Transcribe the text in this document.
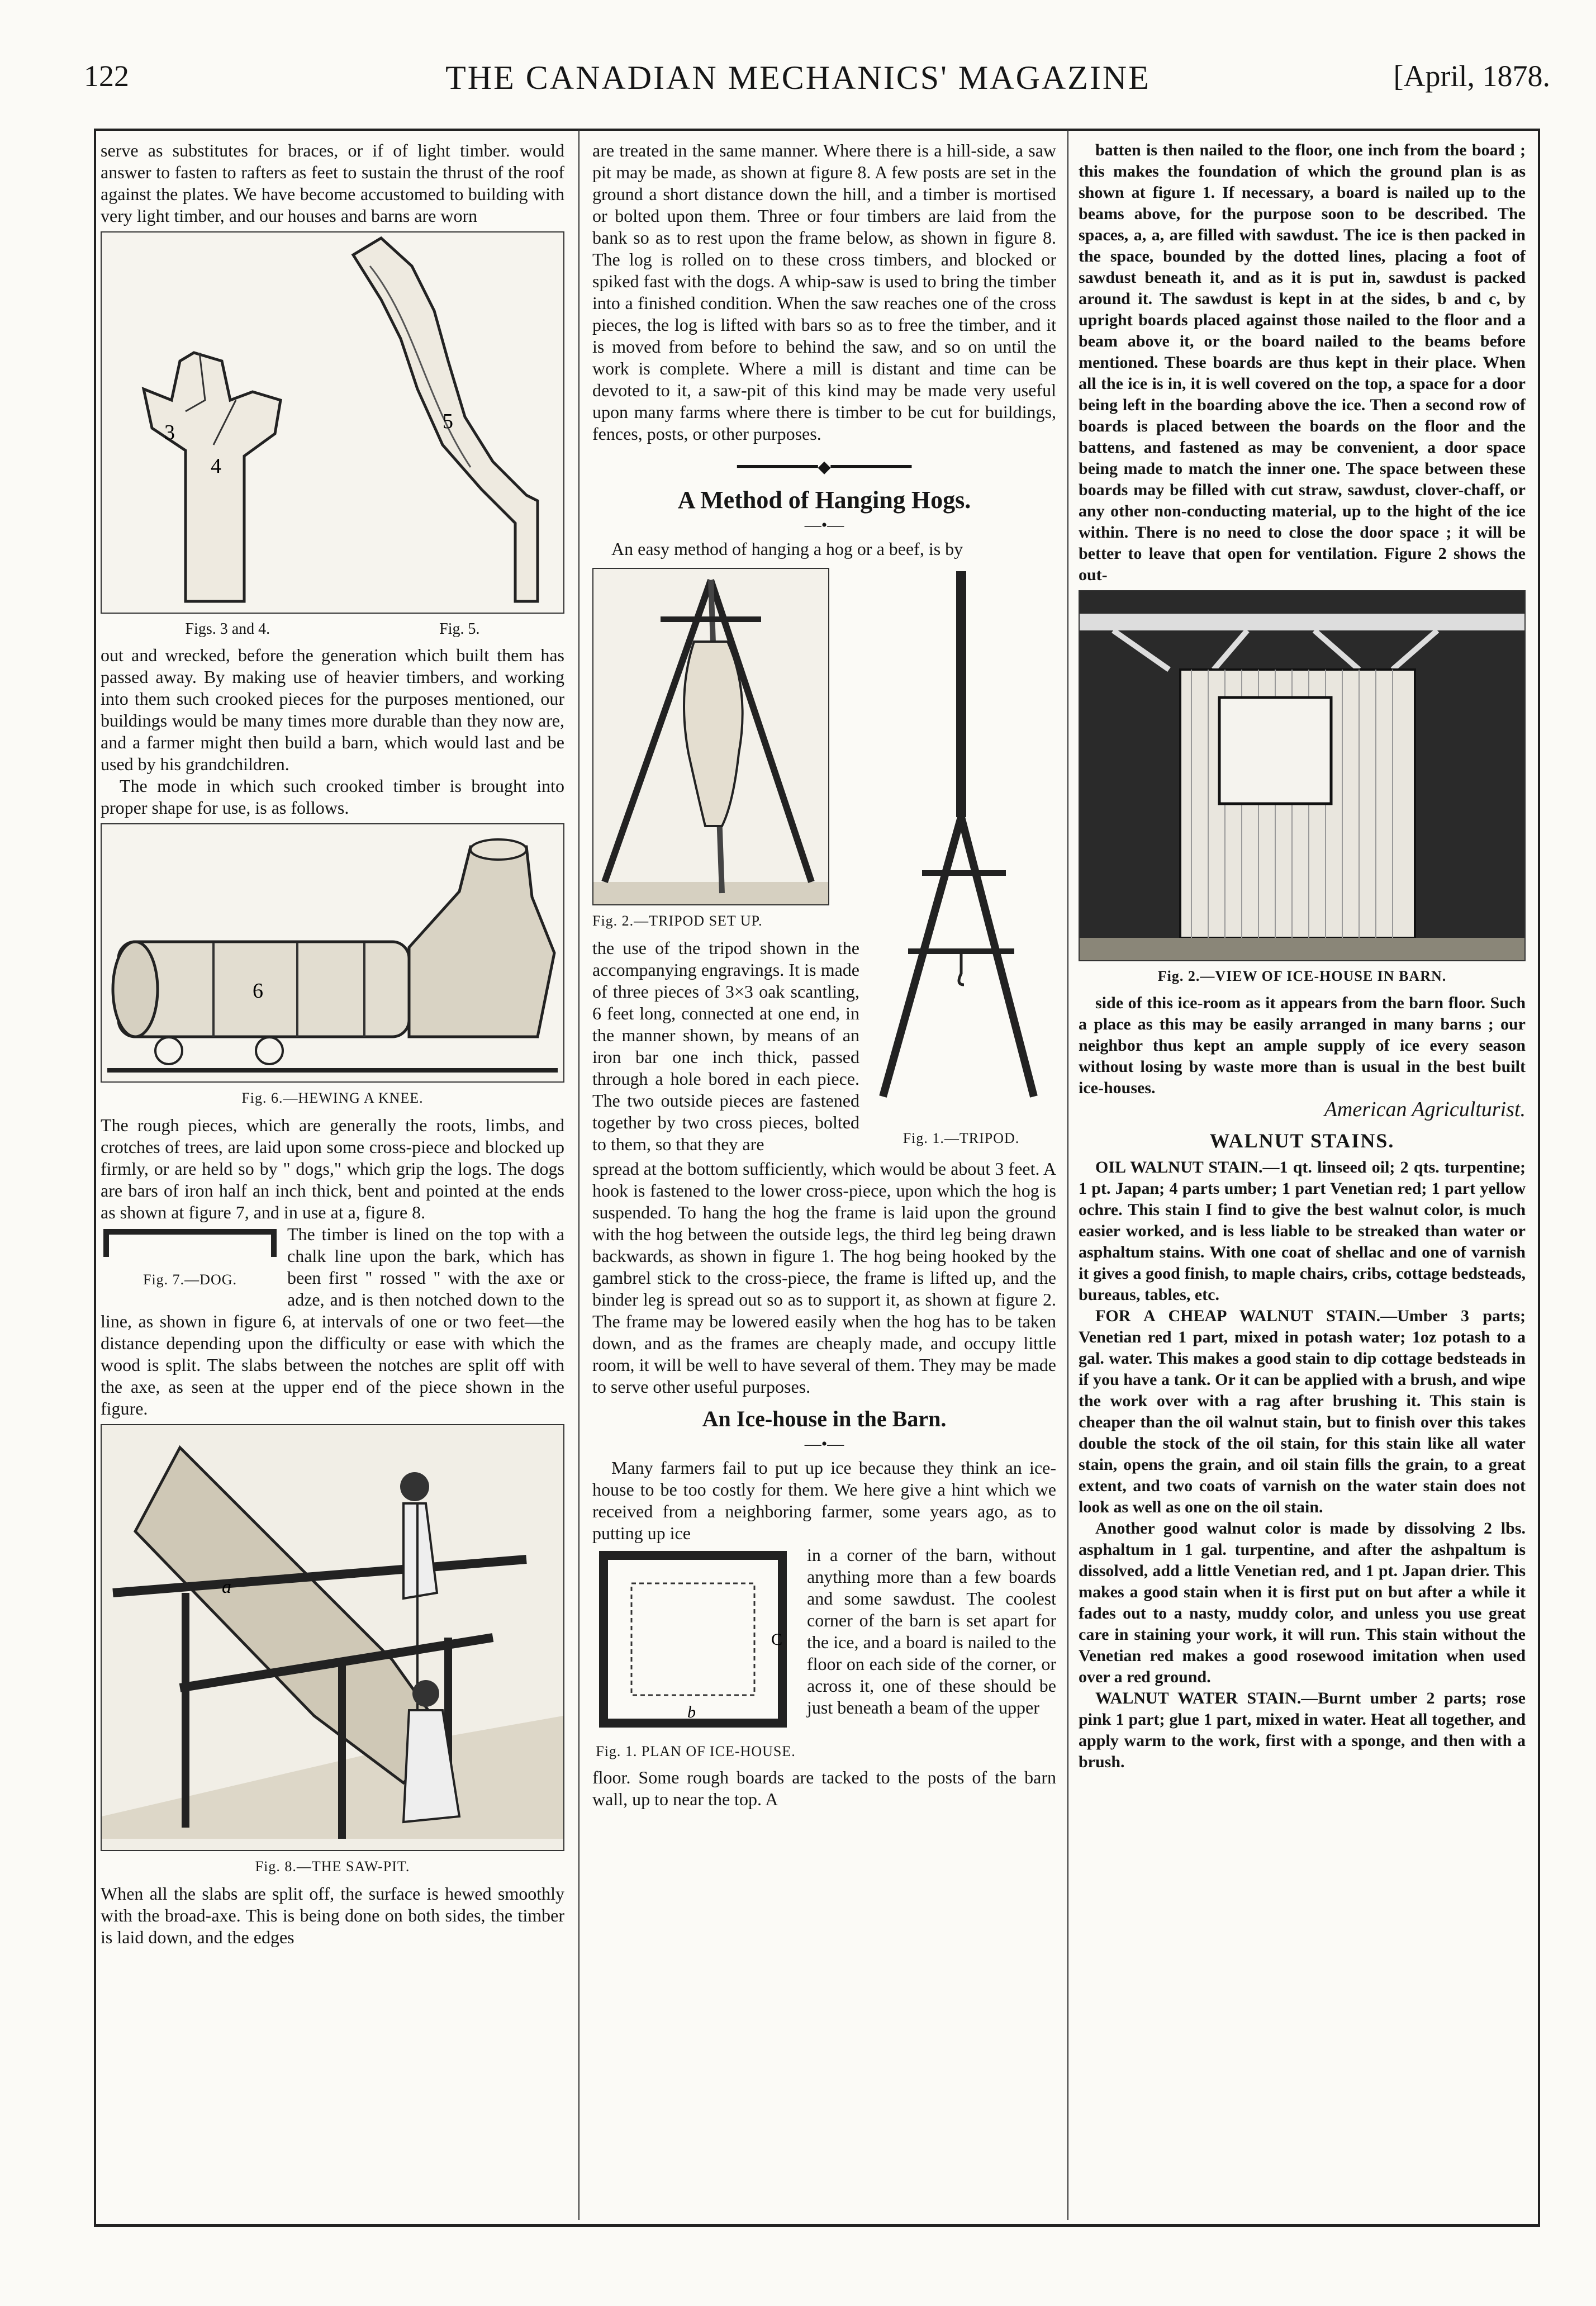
THE CANADIAN MECHANICS' MAGAZINE
122	[April, 1878.

serve as substitutes for braces, or if of light timber. would answer to fasten to rafters as feet to sustain the thrust of the roof against the plates. We have become accustomed to building with very light timber, and our houses and barns are worn

3
4
5
Figs. 3 and 4.	Fig. 5.

out and wrecked, before the generation which built them has passed away. By making use of heavier timbers, and working into them such crooked pieces for the purposes mentioned, our buildings would be many times more durable than they now are, and a farmer might then build a barn, which would last and be used by his grandchildren.

The mode in which such crooked timber is brought into proper shape for use, is as follows.

6
Fig. 6.—HEWING A KNEE.

The rough pieces, which are generally the roots, limbs, and crotches of trees, are laid upon some cross-piece and blocked up firmly, or are held so by " dogs," which grip the logs. The dogs are bars of iron half an inch thick, bent and pointed at the ends as shown at figure 7, and in use at a, figure 8.

Fig. 7.—DOG.

The timber is lined on the top with a chalk line upon the bark, which has been first " rossed " with the axe or adze, and is then notched down to the line, as shown in figure 6, at intervals of one or two feet—the distance depending upon the difficulty or ease with which the wood is split. The slabs between the notches are split off with the axe, as seen at the upper end of the piece shown in the figure.

a
Fig. 8.—THE SAW-PIT.

When all the slabs are split off, the surface is hewed smoothly with the broad-axe. This is being done on both sides, the timber is laid down, and the edges

are treated in the same manner. Where there is a hill-side, a saw pit may be made, as shown at figure 8. A few posts are set in the ground a short distance down the hill, and a timber is mortised or bolted upon them. Three or four timbers are laid from the bank so as to rest upon the frame below, as shown in figure 8. The log is rolled on to these cross timbers, and blocked or spiked fast with the dogs. A whip-saw is used to bring the timber into a finished condition. When the saw reaches one of the cross pieces, the log is lifted with bars so as to free the timber, and it is moved from before to behind the saw, and so on until the work is complete. Where a mill is distant and time can be devoted to it, a saw-pit of this kind may be made very useful upon many farms where there is timber to be cut for buildings, fences, posts, or other purposes.

━━━━━━━━◆━━━━━━━━
A Method of Hanging Hogs.
—•—

An easy method of hanging a hog or a beef, is by

Fig. 1.—TRIPOD.
Fig. 2.—TRIPOD SET UP.

the use of the tripod shown in the accompanying engravings. It is made of three pieces of 3×3 oak scantling, 6 feet long, connected at one end, in the manner shown, by means of an iron bar one inch thick, passed through a hole bored in each piece. The two outside pieces are fastened together by two cross pieces, bolted to them, so that they are

spread at the bottom sufficiently, which would be about 3 feet. A hook is fastened to the lower cross-piece, upon which the hog is suspended. To hang the hog the frame is laid upon the ground with the hog between the outside legs, the third leg being drawn backwards, as shown in figure 1. The hog being hooked by the gambrel stick to the cross-piece, the frame is lifted up, and the binder leg is spread out so as to support it, as shown at figure 2. The frame may be lowered easily when the hog has to be taken down, and as the frames are cheaply made, and occupy little room, it will be well to have several of them. They may be made to serve other useful purposes.

An Ice-house in the Barn.
—•—

Many farmers fail to put up ice because they think an ice-house to be too costly for them. We here give a hint which we received from a neighboring farmer, some years ago, as to putting up ice

C
b
Fig. 1. PLAN OF ICE-HOUSE.

in a corner of the barn, without anything more than a few boards and some sawdust. The coolest corner of the barn is set apart for the ice, and a board is nailed to the floor on each side of the corner, or across it, one of these should be just beneath a beam of the upper

floor. Some rough boards are tacked to the posts of the barn wall, up to near the top. A

batten is then nailed to the floor, one inch from the board ; this makes the foundation of which the ground plan is as shown at figure 1. If necessary, a board is nailed up to the beams above, for the purpose soon to be described. The spaces, a, a, are filled with sawdust. The ice is then packed in the space, bounded by the dotted lines, placing a foot of sawdust beneath it, and as it is put in, sawdust is packed around it. The sawdust is kept in at the sides, b and c, by upright boards placed against those nailed to the floor and a beam above it, or the board nailed to the beams before mentioned. These boards are thus kept in their place. When all the ice is in, it is well covered on the top, a space for a door being left in the boarding above the ice. Then a second row of boards is placed between the boards on the floor and the battens, and fastened as may be convenient, a door space being made to match the inner one. The space between these boards may be filled with cut straw, sawdust, clover-chaff, or any other non-conducting material, up to the hight of the ice within. There is no need to close the door space ; it will be better to leave that open for ventilation. Figure 2 shows the out-

Fig. 2.—VIEW OF ICE-HOUSE IN BARN.

side of this ice-room as it appears from the barn floor. Such a place as this may be easily arranged in many barns ; our neighbor thus kept an ample supply of ice every season without losing by waste more than is usual in the best built ice-houses.

American Agriculturist.
WALNUT STAINS.

OIL WALNUT STAIN.—1 qt. linseed oil; 2 qts. turpentine; 1 pt. Japan; 4 parts umber; 1 part Venetian red; 1 part yellow ochre. This stain I find to give the best walnut color, is much easier worked, and is less liable to be streaked than water or asphaltum stains. With one coat of shellac and one of varnish it gives a good finish, to maple chairs, cribs, cottage bedsteads, bureaus, tables, etc.

FOR A CHEAP WALNUT STAIN.—Umber 3 parts; Venetian red 1 part, mixed in potash water; 1oz potash to a gal. water. This makes a good stain to dip cottage bedsteads in if you have a tank. Or it can be applied with a brush, and wipe the work over with a rag after brushing it. This stain is cheaper than the oil walnut stain, but to finish over this takes double the stock of the oil stain, for this stain like all water stain, opens the grain, and oil stain fills the grain, to a great extent, and two coats of varnish on the water stain does not look as well as one on the oil stain.

Another good walnut color is made by dissolving 2 lbs. asphaltum in 1 gal. turpentine, and after the ashpaltum is dissolved, add a little Venetian red, and 1 pt. Japan drier. This makes a good stain when it is first put on but after a while it fades out to a nasty, muddy color, and unless you use great care in staining your work, it will run. This stain without the Venetian red makes a good rosewood imitation when used over a red ground.

WALNUT WATER STAIN.—Burnt umber 2 parts; rose pink 1 part; glue 1 part, mixed in water. Heat all together, and apply warm to the work, first with a sponge, and then with a brush.
